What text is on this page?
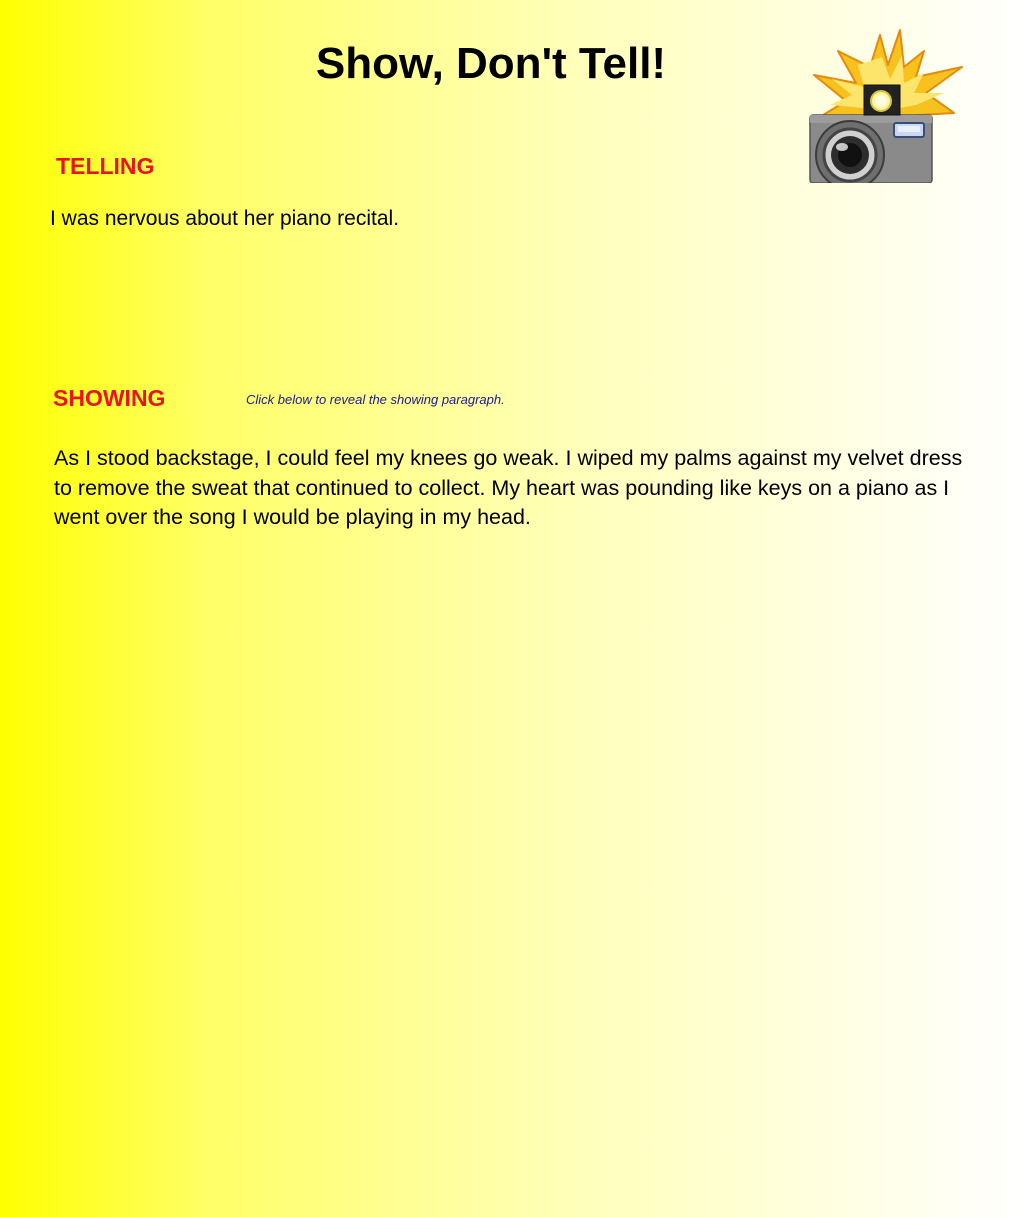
Show, Don't Tell!
TELLING
I was nervous about her piano recital.
SHOWING	Click below to reveal the showing paragraph.

As I stood backstage, I could feel my knees go weak. I wiped my palms against my velvet dress to remove the sweat that continued to collect. My heart was pounding like keys on a piano as I went over the song I would be playing in my head.
